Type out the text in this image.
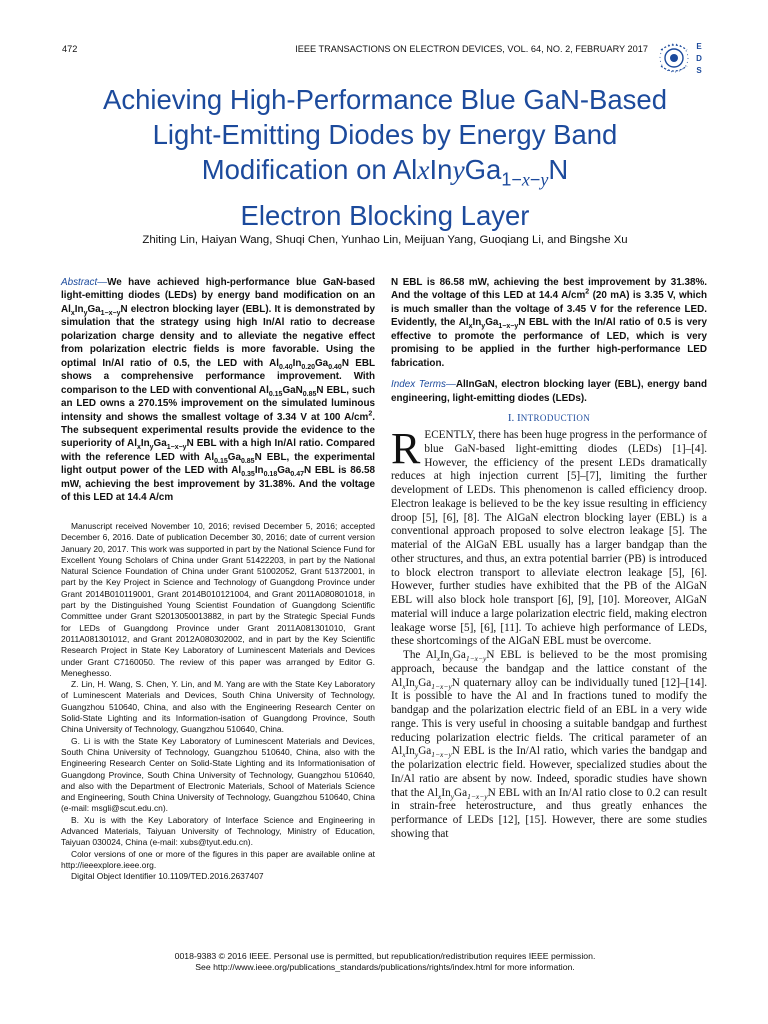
472	IEEE TRANSACTIONS ON ELECTRON DEVICES, VOL. 64, NO. 2, FEBRUARY 2017	E
D
S
Achieving High-Performance Blue GaN-Based
Light-Emitting Diodes by Energy Band
Modification on AlxInyGa$_{1-x-y}$N
Electron Blocking Layer
Zhiting Lin, Haiyan Wang, Shuqi Chen, Yunhao Lin, Meijuan Yang, Guoqiang Li, and Bingshe Xu

Abstract—We have achieved high-performance blue GaN-based light-emitting diodes (LEDs) by energy band modification on an $Al_xIn_yGa_{1-x-y}N$ electron blocking layer (EBL). It is demonstrated by simulation that the strategy using high In/Al ratio to decrease polarization charge density and to alleviate the negative effect from polarization electric fields is more favorable. Using the optimal In/Al ratio of 0.5, the LED with $Al_{0.40}In_{0.20}Ga_{0.40}N$ EBL shows a comprehensive performance improvement. With comparison to the LED with conventional $Al_{0.15}GaN_{0.85}N$ EBL, such an LED owns a 270.15% improvement on the simulated luminous intensity and shows the smallest voltage of 3.34 V at 100 $A/cm^2$. The subsequent experimental results provide the evidence to the superiority of $Al_xIn_yGa_{1-x-y}N$ EBL with a high In/Al ratio. Compared with the reference LED with $Al_{0.15}Ga_{0.85}N$ EBL, the experimental light output power of the LED with $Al_{0.35}In_{0.18}Ga_{0.47}N$ EBL is 86.58 mW, achieving the best improvement by 31.38%. And the voltage of this LED at 14.4 A/cm

Manuscript received November 10, 2016; revised December 5, 2016; accepted December 6, 2016. Date of publication December 30, 2016; date of current version January 20, 2017. This work was supported in part by the National Science Fund for Excellent Young Scholars of China under Grant 51422203, in part by the National Natural Science Foundation of China under Grant 51002052, Grant 51372001, in part by the Key Project in Science and Technology of Guangdong Province under Grant 2014B010119001, Grant 2014B010121004, and Grant 2011A080801018, in part by the Distinguished Young Scientist Foundation of Guangdong Scientific Committee under Grant S2013050013882, in part by the Strategic Special Funds for LEDs of Guangdong Province under Grant 2011A081301010, Grant 2011A081301012, and Grant 2012A080302002, and in part by the Key Scientific Research Project in State Key Laboratory of Luminescent Materials and Devices under Grant C7160050. The review of this paper was arranged by Editor G. Meneghesso.

Z. Lin, H. Wang, S. Chen, Y. Lin, and M. Yang are with the State Key Laboratory of Luminescent Materials and Devices, South China University of Technology, Guangzhou 510640, China, and also with the Engineering Research Center on Solid-State Lighting and its Information-isation of Guangdong Province, South China University of Technology, Guangzhou 510640, China.

G. Li is with the State Key Laboratory of Luminescent Materials and Devices, South China University of Technology, Guangzhou 510640, China, also with the Engineering Research Center on Solid-State Lighting and its Informationisation of Guangdong Province, South China University of Technology, Guangzhou 510640, and also with the Department of Electronic Materials, School of Materials Science and Engineering, South China University of Technology, Guangzhou 510640, China (e-mail: msgli@scut.edu.cn).

B. Xu is with the Key Laboratory of Interface Science and Engineering in Advanced Materials, Taiyuan University of Technology, Ministry of Education, Taiyuan 030024, China (e-mail: xubs@tyut.edu.cn).

Color versions of one or more of the figures in this paper are available online at http://ieeexplore.ieee.org.

Digital Object Identifier 10.1109/TED.2016.2637407

N EBL is 86.58 mW, achieving the best improvement by 31.38%. And the voltage of this LED at 14.4 $A/cm^2$ (20 mA) is 3.35 V, which is much smaller than the voltage of 3.45 V for the reference LED. Evidently, the $Al_xIn_yGa_{1-x-y}N$ EBL with the In/Al ratio of 0.5 is very effective to promote the performance of LED, which is very promising to be applied in the further high-performance LED fabrication.

Index Terms—AlInGaN, electron blocking layer (EBL), energy band engineering, light-emitting diodes (LEDs).

I. INTRODUCTION

RECENTLY, there has been huge progress in the performance of blue GaN-based light-emitting diodes (LEDs) [1]–[4]. However, the efficiency of the present LEDs dramatically reduces at high injection current [5]–[7], limiting the further development of LEDs. This phenomenon is called efficiency droop. Electron leakage is believed to be the key issue resulting in efficiency droop [5], [6], [8]. The AlGaN electron blocking layer (EBL) is a conventional approach proposed to solve electron leakage [5]. The material of the AlGaN EBL usually has a larger bandgap than the other structures, and thus, an extra potential barrier (PB) is introduced to block electron transport to alleviate electron leakage [5], [6]. However, further studies have exhibited that the PB of the AlGaN EBL will also block hole transport [6], [9], [10]. Moreover, AlGaN material will induce a large polarization electric field, making electron leakage worse [5], [6], [11]. To achieve high performance of LEDs, these shortcomings of the AlGaN EBL must be overcome.

The $Al_xIn_yGa_{1-x-y}N$ EBL is believed to be the most promising approach, because the bandgap and the lattice constant of the $Al_xIn_yGa_{1-x-y}N$ quaternary alloy can be individually tuned [12]–[14]. It is possible to have the Al and In fractions tuned to modify the bandgap and the polarization electric field of an EBL in a very wide range. This is very useful in choosing a suitable bandgap and furthest reducing polarization electric fields. The critical parameter of an $Al_xIn_yGa_{1-x-y}N$ EBL is the In/Al ratio, which varies the bandgap and the polarization electric field. However, specialized studies about the In/Al ratio are absent by now. Indeed, sporadic studies have shown that the $Al_xIn_yGa_{1-x-y}N$ EBL with an In/Al ratio close to 0.2 can result in strain-free heterostructure, and thus greatly enhances the performance of LEDs [12], [15]. However, there are some studies showing that

0018-9383 © 2016 IEEE. Personal use is permitted, but republication/redistribution requires IEEE permission.
See http://www.ieee.org/publications_standards/publications/rights/index.html for more information.
